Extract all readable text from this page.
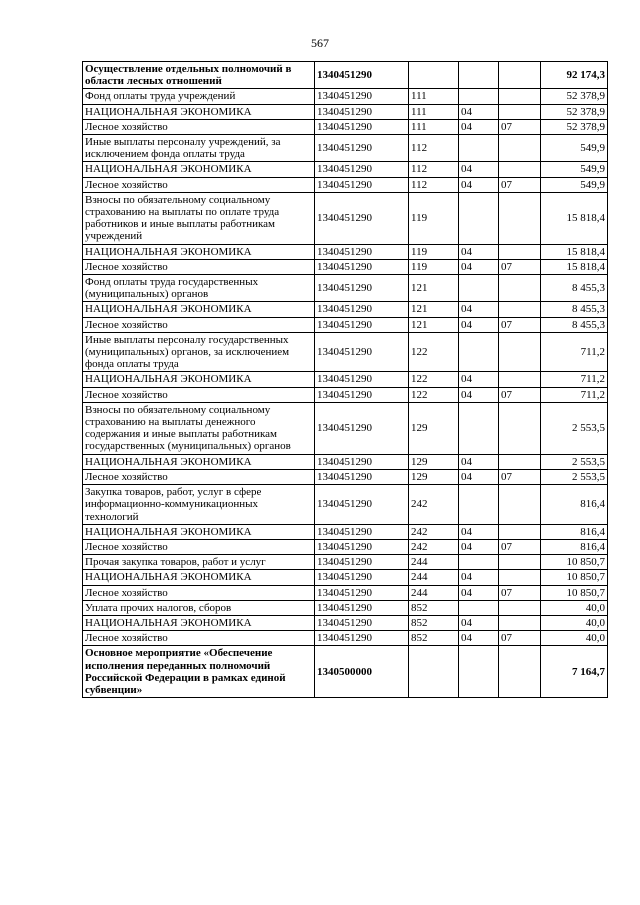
567
Осуществление отдельных полномочий в области лесных отношений	1340451290				92 174,3
Фонд оплаты труда учреждений	1340451290	111			52 378,9
НАЦИОНАЛЬНАЯ ЭКОНОМИКА	1340451290	111	04		52 378,9
Лесное хозяйство	1340451290	111	04	07	52 378,9
Иные выплаты персоналу учреждений, за исключением фонда оплаты труда	1340451290	112			549,9
НАЦИОНАЛЬНАЯ ЭКОНОМИКА	1340451290	112	04		549,9
Лесное хозяйство	1340451290	112	04	07	549,9
Взносы по обязательному социальному страхованию на выплаты по оплате труда работников и иные выплаты работникам учреждений	1340451290	119			15 818,4
НАЦИОНАЛЬНАЯ ЭКОНОМИКА	1340451290	119	04		15 818,4
Лесное хозяйство	1340451290	119	04	07	15 818,4
Фонд оплаты труда государственных (муниципальных) органов	1340451290	121			8 455,3
НАЦИОНАЛЬНАЯ ЭКОНОМИКА	1340451290	121	04		8 455,3
Лесное хозяйство	1340451290	121	04	07	8 455,3
Иные выплаты персоналу государственных (муниципальных) органов, за исключением фонда оплаты труда	1340451290	122			711,2
НАЦИОНАЛЬНАЯ ЭКОНОМИКА	1340451290	122	04		711,2
Лесное хозяйство	1340451290	122	04	07	711,2
Взносы по обязательному социальному страхованию на выплаты денежного содержания и иные выплаты работникам государственных (муниципальных) органов	1340451290	129			2 553,5
НАЦИОНАЛЬНАЯ ЭКОНОМИКА	1340451290	129	04		2 553,5
Лесное хозяйство	1340451290	129	04	07	2 553,5
Закупка товаров, работ, услуг в сфере информационно-коммуникационных технологий	1340451290	242			816,4
НАЦИОНАЛЬНАЯ ЭКОНОМИКА	1340451290	242	04		816,4
Лесное хозяйство	1340451290	242	04	07	816,4
Прочая закупка товаров, работ и услуг	1340451290	244			10 850,7
НАЦИОНАЛЬНАЯ ЭКОНОМИКА	1340451290	244	04		10 850,7
Лесное хозяйство	1340451290	244	04	07	10 850,7
Уплата прочих налогов, сборов	1340451290	852			40,0
НАЦИОНАЛЬНАЯ ЭКОНОМИКА	1340451290	852	04		40,0
Лесное хозяйство	1340451290	852	04	07	40,0
Основное мероприятие «Обеспечение исполнения переданных полномочий Российской Федерации в рамках единой субвенции»	1340500000				7 164,7
